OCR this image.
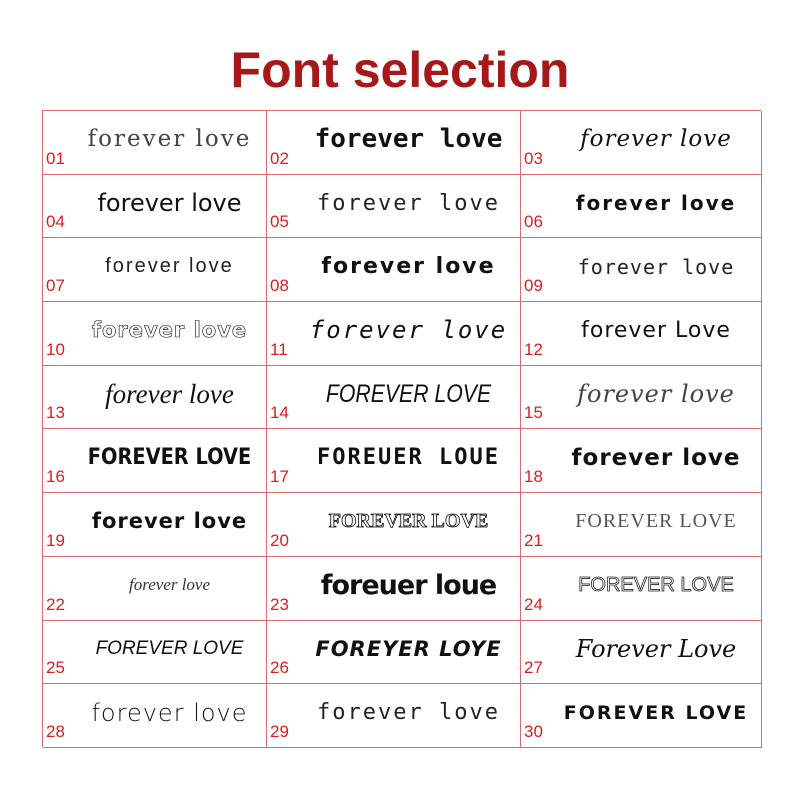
Font selection
forever love
01
forever love
02
forever love
03
forever love
04
forever love
05
forever love
06
forever love
07
forever love
08
forever love
09
forever love
10
forever love
11
forever Love
12
forever love
13
FOREVER LOVE
14
forever love
15
FOREVER LOVE
16
FOREUER LOUE
17
forever love
18
forever love
19
FOREVER LOVE
20
FOREVER LOVE
21
forever love
22
foreuer loue
23
FOREVER LOVE
24
FOREVER LOVE
25
FOREYER LOYE
26
Forever Love
27
forever love
28
forever love
29
FOREVER LOVE
30
